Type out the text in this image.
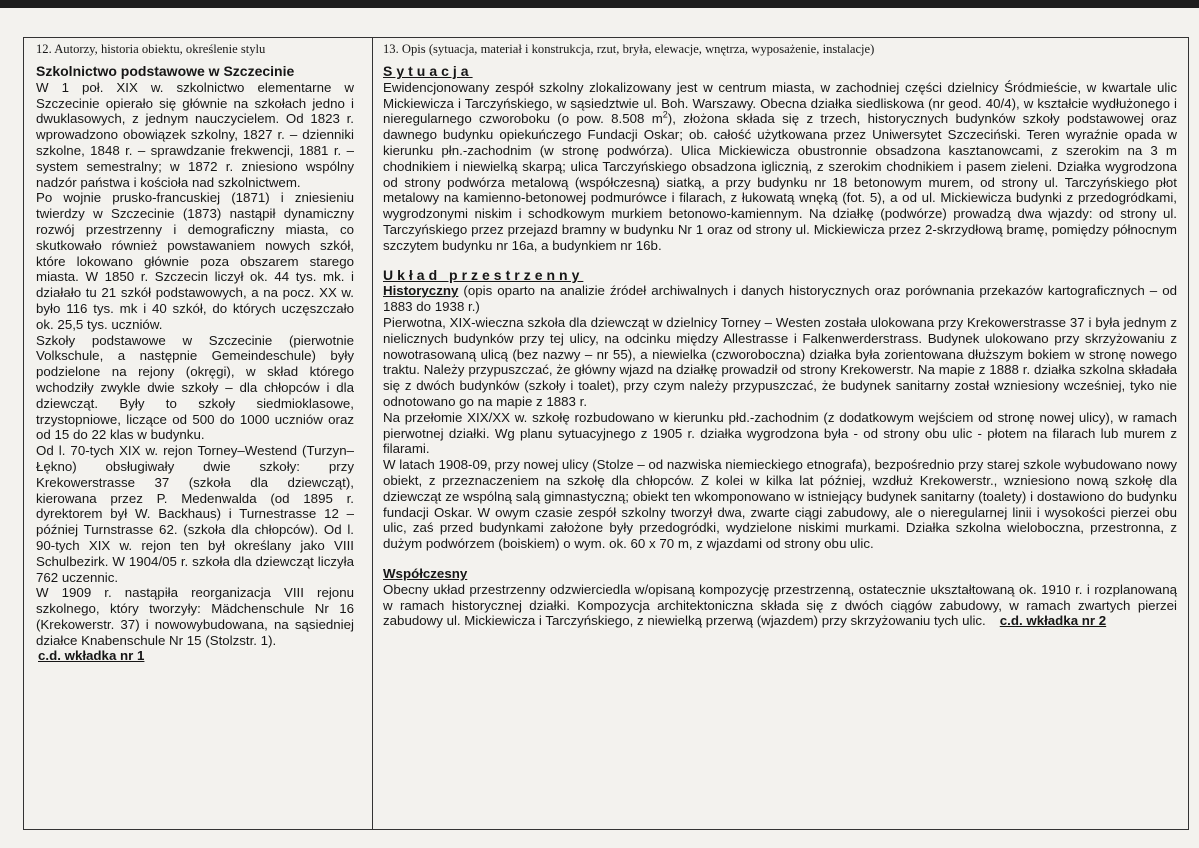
12. Autorzy, historia obiektu, określenie stylu
Szkolnictwo podstawowe w Szczecinie

W 1 poł. XIX w. szkolnictwo elementarne w Szczecinie opierało się głównie na szkołach jedno i dwuklasowych, z jednym nauczycielem. Od 1823 r. wprowadzono obowiązek szkolny, 1827 r. – dzienniki szkolne, 1848 r. – sprawdzanie frekwencji, 1881 r. – system semestralny; w 1872 r. zniesiono wspólny nadzór państwa i kościoła nad szkolnictwem.

Po wojnie prusko-francuskiej (1871) i zniesieniu twierdzy w Szczecinie (1873) nastąpił dynamiczny rozwój przestrzenny i demograficzny miasta, co skutkowało również powstawaniem nowych szkół, które lokowano głównie poza obszarem starego miasta. W 1850 r. Szczecin liczył ok. 44 tys. mk. i działało tu 21 szkół podstawowych, a na pocz. XX w. było 116 tys. mk i 40 szkół, do których uczęszczało ok. 25,5 tys. uczniów.

Szkoły podstawowe w Szczecinie (pierwotnie Volkschule, a następnie Gemeindeschule) były podzielone na rejony (okręgi), w skład którego wchodziły zwykle dwie szkoły – dla chłopców i dla dziewcząt. Były to szkoły siedmioklasowe, trzystopniowe, liczące od 500 do 1000 uczniów oraz od 15 do 22 klas w budynku.

Od l. 70-tych XIX w. rejon Torney–Westend (Turzyn–Łękno) obsługiwały dwie szkoły: przy Krekowerstrasse 37 (szkoła dla dziewcząt), kierowana przez P. Medenwalda (od 1895 r. dyrektorem był W. Backhaus) i Turnestrasse 12 – później Turnstrasse 62. (szkoła dla chłopców). Od l. 90-tych XIX w. rejon ten był określany jako VIII Schulbezirk. W 1904/05 r. szkoła dla dziewcząt liczyła 762 uczennic.

W 1909 r. nastąpiła reorganizacja VIII rejonu szkolnego, który tworzyły: Mädchenschule Nr 16 (Krekowerstr. 37) i nowowybudowana, na sąsiedniej działce Knabenschule Nr 15 (Stolzstr. 1).

c.d. wkładka nr 1
13. Opis (sytuacja, materiał i konstrukcja, rzut, bryła, elewacje, wnętrza, wyposażenie, instalacje)
Sytuacja

Ewidencjonowany zespół szkolny zlokalizowany jest w centrum miasta, w zachodniej części dzielnicy Śródmieście, w kwartale ulic Mickiewicza i Tarczyńskiego, w sąsiedztwie ul. Boh. Warszawy. Obecna działka siedliskowa (nr geod. 40/4), w kształcie wydłużonego i nieregularnego czworoboku (o pow. 8.508 $m^2$), złożona składa się z trzech, historycznych budynków szkoły podstawowej oraz dawnego budynku opiekuńczego Fundacji Oskar; ob. całość użytkowana przez Uniwersytet Szczeciński. Teren wyraźnie opada w kierunku płn.-zachodnim (w stronę podwórza). Ulica Mickiewicza obustronnie obsadzona kasztanowcami, z szerokim na 3 m chodnikiem i niewielką skarpą; ulica Tarczyńskiego obsadzona iglicznią, z szerokim chodnikiem i pasem zieleni. Działka wygrodzona od strony podwórza metalową (współczesną) siatką, a przy budynku nr 18 betonowym murem, od strony ul. Tarczyńskiego płot metalowy na kamienno-betonowej podmurówce i filarach, z łukowatą wnęką (fot. 5), a od ul. Mickiewicza budynki z przedogródkami, wygrodzonymi niskim i schodkowym murkiem betonowo-kamiennym. Na działkę (podwórze) prowadzą dwa wjazdy: od strony ul. Tarczyńskiego przez przejazd bramny w budynku Nr 1 oraz od strony ul. Mickiewicza przez 2-skrzydłową bramę, pomiędzy północnym szczytem budynku nr 16a, a budynkiem nr 16b.

Układ przestrzenny

Historyczny (opis oparto na analizie źródeł archiwalnych i danych historycznych oraz porównania przekazów kartograficznych – od 1883 do 1938 r.)

Pierwotna, XIX-wieczna szkoła dla dziewcząt w dzielnicy Torney – Westen została ulokowana przy Krekowerstrasse 37 i była jednym z nielicznych budynków przy tej ulicy, na odcinku między Allestrasse i Falkenwerderstrass. Budynek ulokowano przy skrzyżowaniu z nowotrasowaną ulicą (bez nazwy – nr 55), a niewielka (czworoboczna) działka była zorientowana dłuższym bokiem w stronę nowego traktu. Należy przypuszczać, że główny wjazd na działkę prowadził od strony Krekowerstr. Na mapie z 1888 r. działka szkolna składała się z dwóch budynków (szkoły i toalet), przy czym należy przypuszczać, że budynek sanitarny został wzniesiony wcześniej, tyko nie odnotowano go na mapie z 1883 r.

Na przełomie XIX/XX w. szkołę rozbudowano w kierunku płd.-zachodnim (z dodatkowym wejściem od stronę nowej ulicy), w ramach pierwotnej działki. Wg planu sytuacyjnego z 1905 r. działka wygrodzona była - od strony obu ulic - płotem na filarach lub murem z filarami.

W latach 1908-09, przy nowej ulicy (Stolze – od nazwiska niemieckiego etnografa), bezpośrednio przy starej szkole wybudowano nowy obiekt, z przeznaczeniem na szkołę dla chłopców. Z kolei w kilka lat później, wzdłuż Krekowerstr., wzniesiono nową szkołę dla dziewcząt ze wspólną salą gimnastyczną; obiekt ten wkomponowano w istniejący budynek sanitarny (toalety) i dostawiono do budynku fundacji Oskar. W owym czasie zespół szkolny tworzył dwa, zwarte ciągi zabudowy, ale o nieregularnej linii i wysokości pierzei obu ulic, zaś przed budynkami założone były przedogródki, wydzielone niskimi murkami. Działka szkolna wieloboczna, przestronna, z dużym podwórzem (boiskiem) o wym. ok. 60 x 70 m, z wjazdami od strony obu ulic.

Współczesny

Obecny układ przestrzenny odzwierciedla w/opisaną kompozycję przestrzenną, ostatecznie ukształtowaną ok. 1910 r. i rozplanowaną w ramach historycznej działki. Kompozycja architektoniczna składa się z dwóch ciągów zabudowy, w ramach zwartych pierzei zabudowy ul. Mickiewicza i Tarczyńskiego, z niewielką przerwą (wjazdem) przy skrzyżowaniu tych ulic. c.d. wkładka nr 2
